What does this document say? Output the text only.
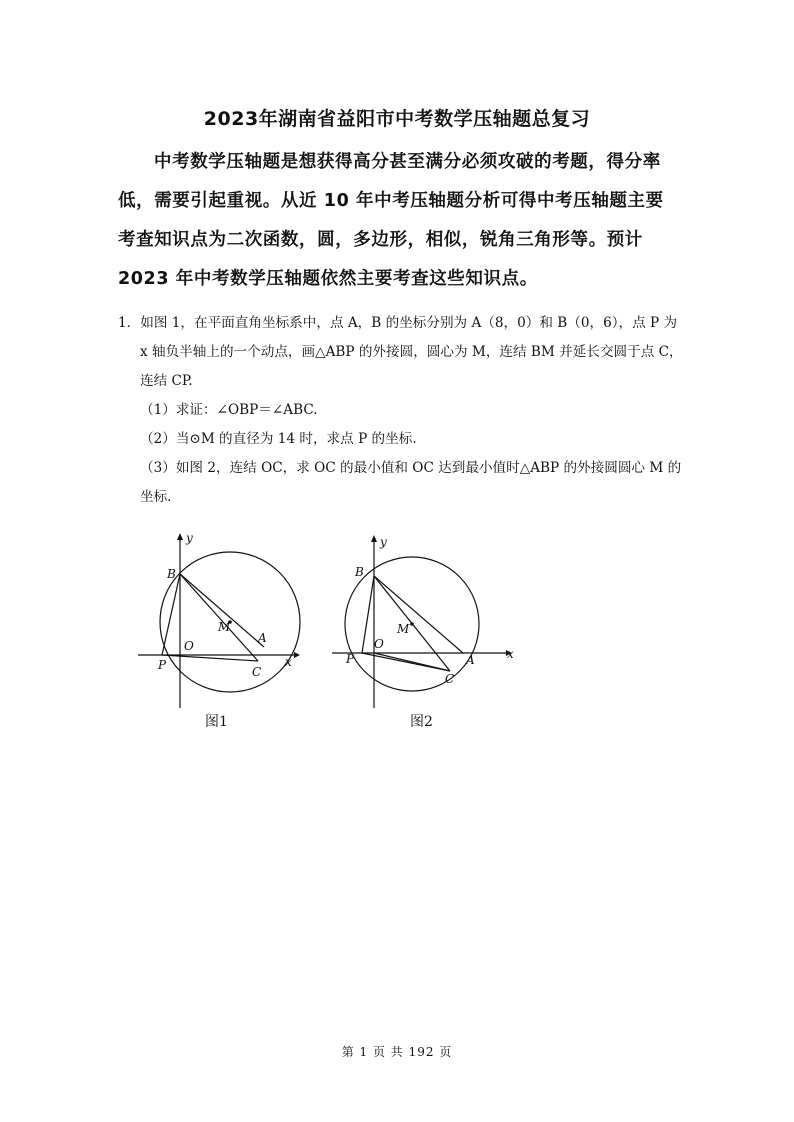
2023年湖南省益阳市中考数学压轴题总复习
中考数学压轴题是想获得高分甚至满分必须攻破的考题，得分率
低，需要引起重视。从近 10 年中考压轴题分析可得中考压轴题主要
考查知识点为二次函数，圆，多边形，相似，锐角三角形等。预计
2023 年中考数学压轴题依然主要考查这些知识点。
1．如图 1，在平面直角坐标系中，点 A，B 的坐标分别为 A（8，0）和 B（0，6），点 P 为
x 轴负半轴上的一个动点，画△ABP 的外接圆，圆心为 M，连结 BM 并延长交圆于点 C，
连结 CP.
（1）求证：∠OBP＝∠ABC.
（2）当⊙M 的直径为 14 时，求点 P 的坐标.
（3）如图 2，连结 OC，求 OC 的最小值和 OC 达到最小值时△ABP 的外接圆圆心 M 的
坐标.
y
x
B
M
A
O
P	C
y
x
B
M
A
O
P
C
图1	图2
第 1 页 共 192 页
